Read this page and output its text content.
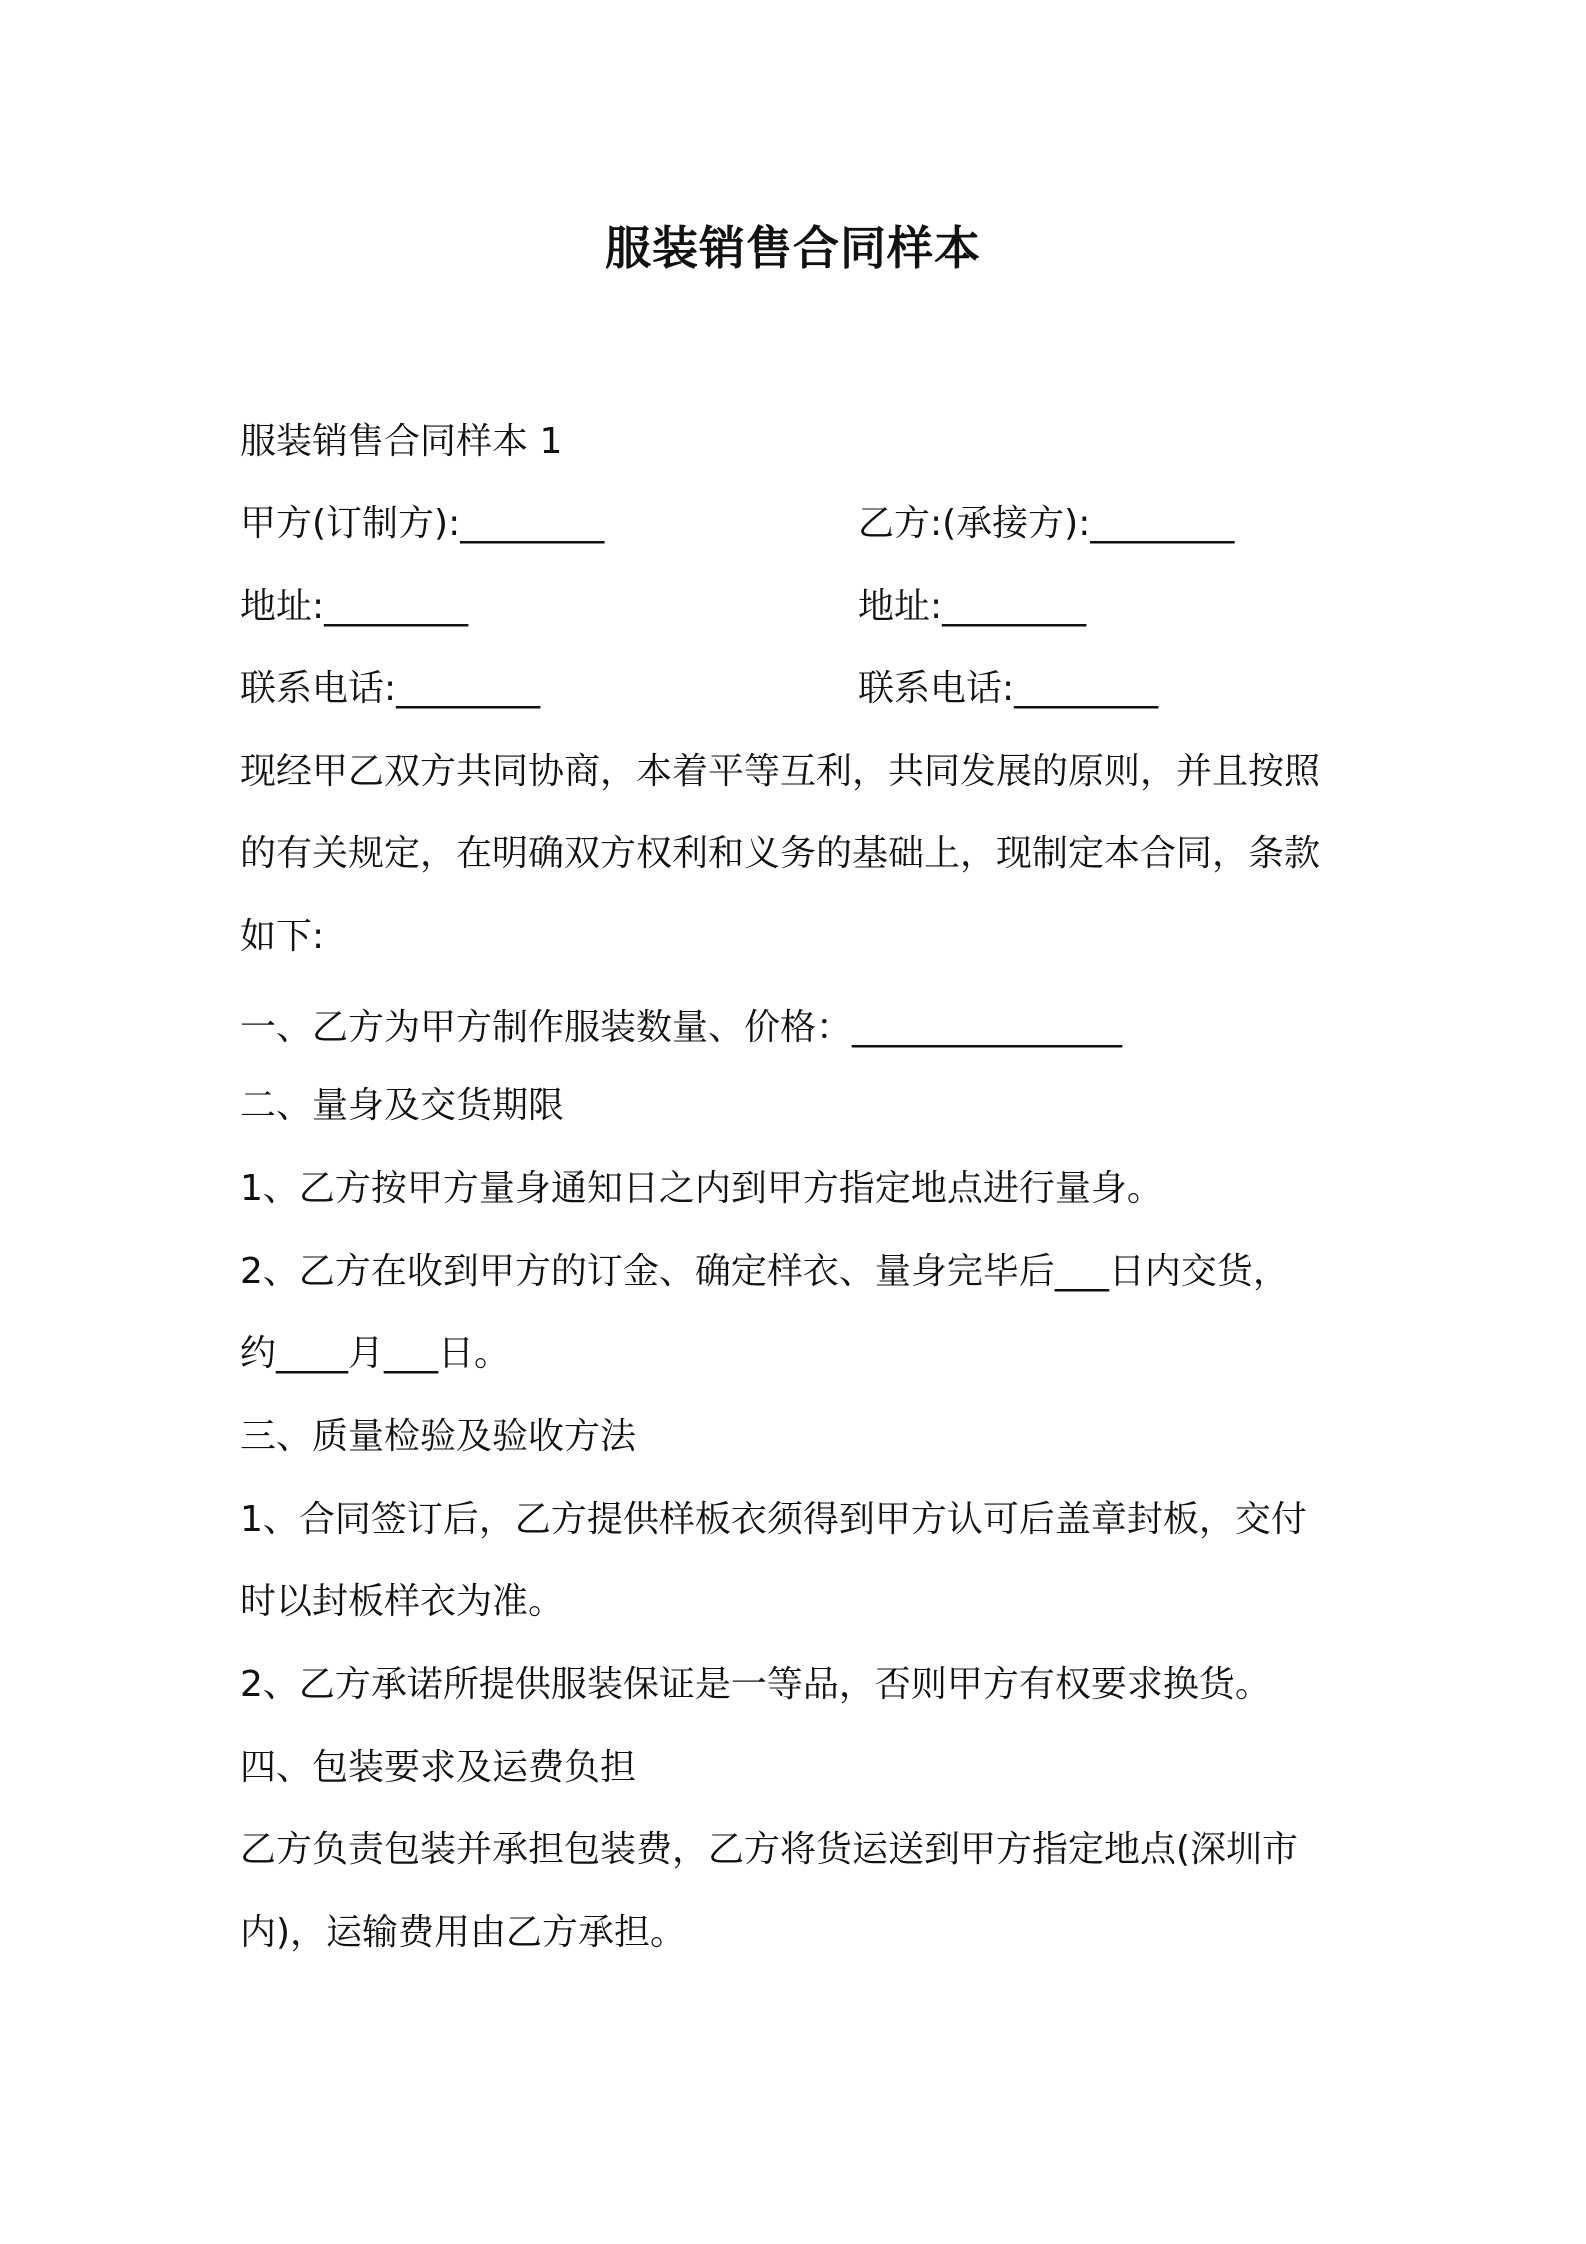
服装销售合同样本
服装销售合同样本 1
甲方(订制方):________	乙方:(承接方):________
地址:________	地址:________
联系电话:________	联系电话:________
现经甲乙双方共同协商，本着平等互利，共同发展的原则，并且按照
的有关规定，在明确双方权利和义务的基础上，现制定本合同，条款
如下:
一、乙方为甲方制作服装数量、价格：_______________
二、量身及交货期限
1、乙方按甲方量身通知日之内到甲方指定地点进行量身。
2、乙方在收到甲方的订金、确定样衣、量身完毕后___日内交货，
约____月___日。
三、质量检验及验收方法
1、合同签订后，乙方提供样板衣须得到甲方认可后盖章封板，交付
时以封板样衣为准。
2、乙方承诺所提供服装保证是一等品，否则甲方有权要求换货。
四、包装要求及运费负担
乙方负责包装并承担包装费，乙方将货运送到甲方指定地点(深圳市
内)，运输费用由乙方承担。
